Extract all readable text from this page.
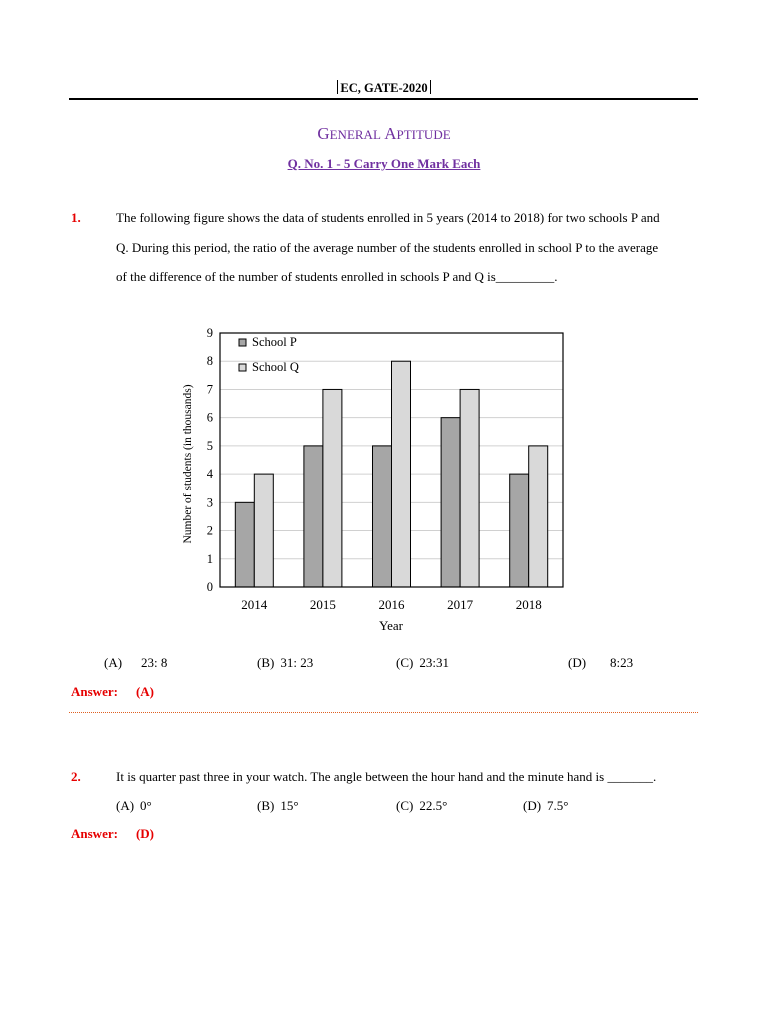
EC, GATE-2020
GENERAL APTITUDE
Q. No. 1 - 5 Carry One Mark Each
1.	The following figure shows the data of students enrolled in 5 years (2014 to 2018) for two schools P and
Q. During this period, the ratio of the average number of the students enrolled in school P to the average
of the difference of the number of students enrolled in schools P and Q is_________.
0
1
2
3
4
5
6
7
8
9
2014	2015	2016	2017	2018
Number of students (in thousands)
Year
School P
School Q
(A) 23: 8	(B) 31: 23	(C) 23:31	(D) 8:23
Answer: (A)
2.	It is quarter past three in your watch. The angle between the hour hand and the minute hand is _______.
(A) 0°	(B) 15°	(C) 22.5°	(D) 7.5°
Answer: (D)
